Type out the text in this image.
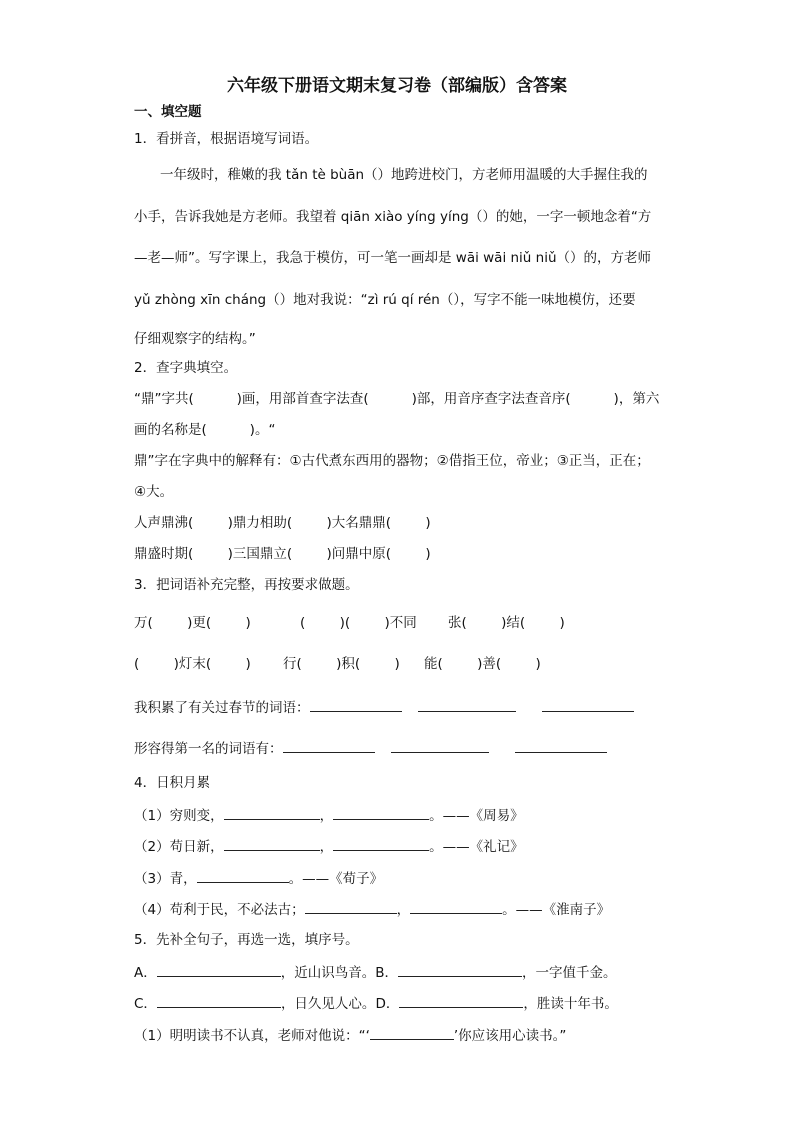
六年级下册语文期末复习卷（部编版）含答案
一、填空题
1．看拼音，根据语境写词语。
一年级时，稚嫩的我 tǎn tè bùān（）地跨进校门，方老师用温暖的大手握住我的
小手，告诉我她是方老师。我望着 qiān xiào yíng yíng（）的她，一字一顿地念着“方
—老—师”。写字课上，我急于模仿，可一笔一画却是 wāi wāi niǔ niǔ（）的，方老师
yǔ zhòng xīn cháng（）地对我说：“zì rú qí rén（），写字不能一味地模仿，还要
仔细观察字的结构。”
2．查字典填空。
“鼎”字共(          )画，用部首查字法查(          )部，用音序查字法查音序(          )，第六
画的名称是(          )。“
鼎”字在字典中的解释有：①古代煮东西用的器物；②借指王位，帝业；③正当，正在；
④大。
人声鼎沸(        )鼎力相助(        )大名鼎鼎(        )
鼎盛时期(        )三国鼎立(        )问鼎中原(        )
3．把词语补充完整，再按要求做题。
万(        )更(        )	(        )(        )不同 张(        )结(        )
(        )灯末(        ) 行(        )积(        ) 能(        )善(        )
我积累了有关过春节的词语：
形容得第一名的词语有：
4．日积月累
（1）穷则变，	，	。——《周易》
（2）苟日新，	，	。——《礼记》
（3）青，	。——《荀子》
（4）苟利于民，不必法古；	，	。——《淮南子》
5．先补全句子，再选一选，填序号。
A．	，近山识鸟音。B．	，一字值千金。
C．	，日久见人心。D．	，胜读十年书。
（1）明明读书不认真，老师对他说：“‘	’你应该用心读书。”
